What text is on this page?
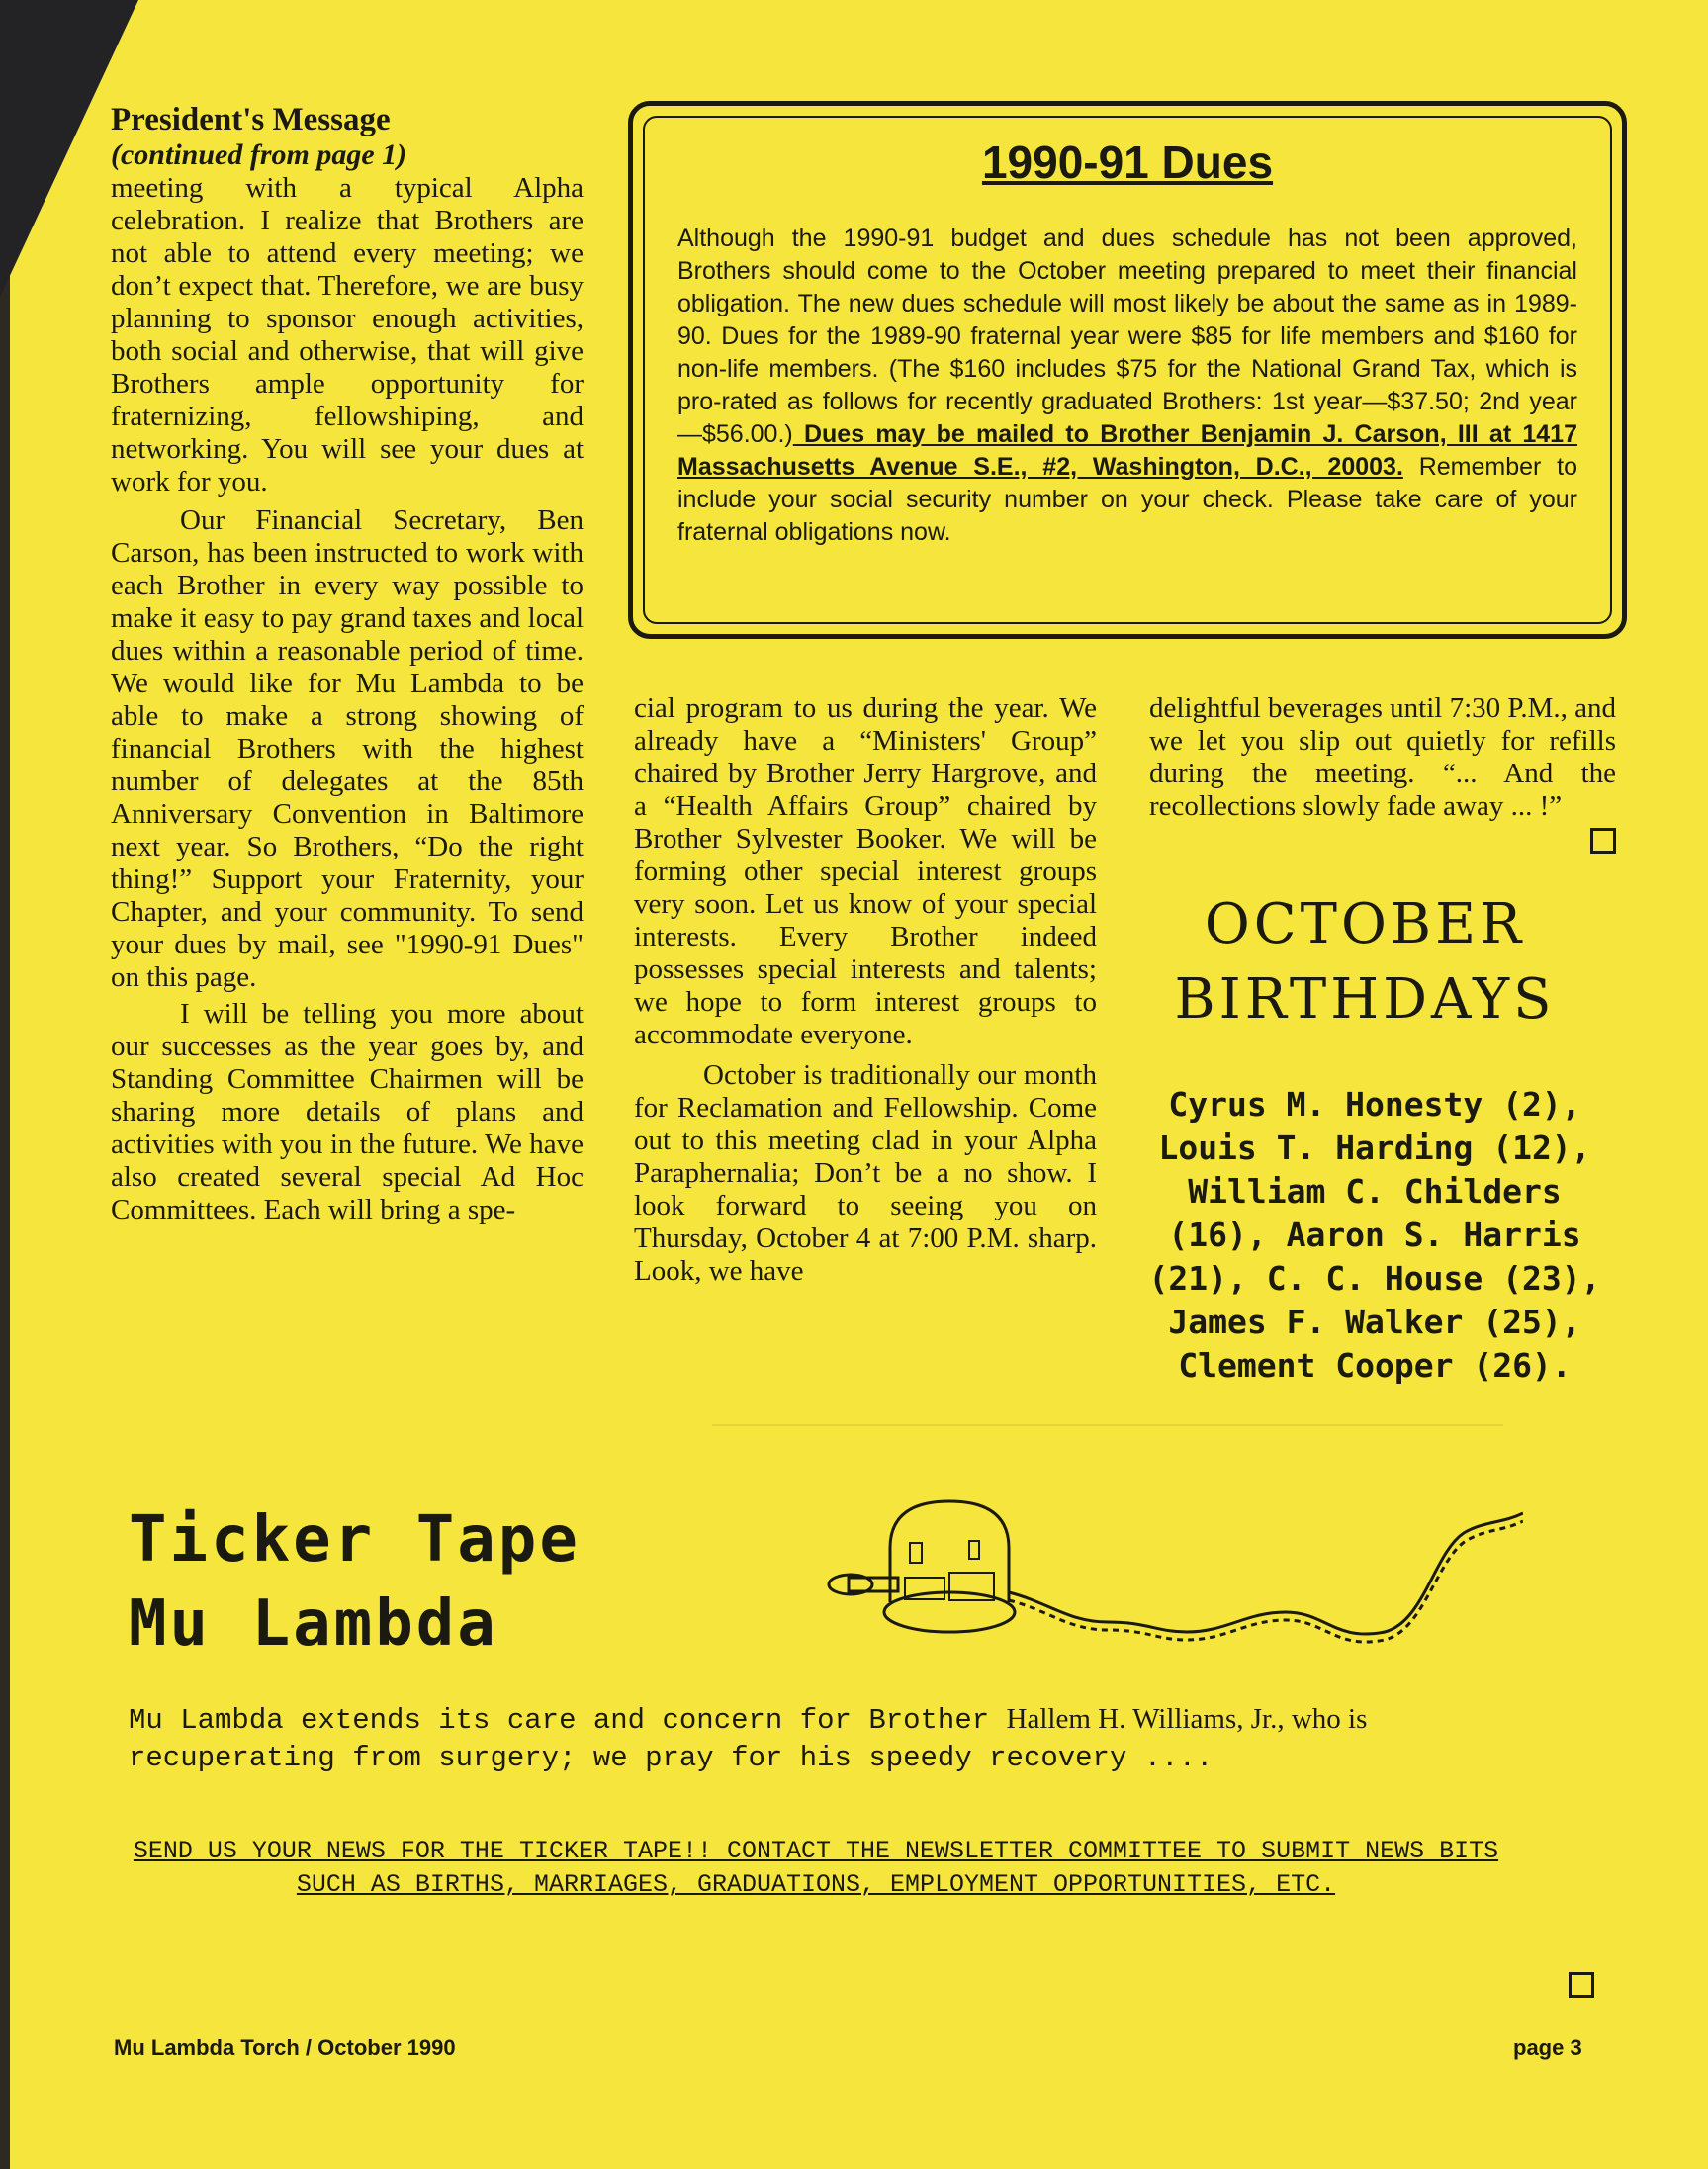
President's Message
(continued from page 1)

meeting with a typical Alpha celebration. I realize that Brothers are not able to attend every meeting; we don’t expect that. Therefore, we are busy planning to sponsor enough activities, both social and otherwise, that will give Brothers ample opportunity for fraternizing, fellowshiping, and networking. You will see your dues at work for you.

Our Financial Secretary, Ben Carson, has been instructed to work with each Brother in every way possible to make it easy to pay grand taxes and local dues within a reasonable period of time. We would like for Mu Lambda to be able to make a strong showing of financial Brothers with the highest number of delegates at the 85th Anniversary Convention in Baltimore next year. So Brothers, “Do the right thing!” Support your Fraternity, your Chapter, and your community. To send your dues by mail, see "1990-91 Dues" on this page.

I will be telling you more about our successes as the year goes by, and Standing Committee Chairmen will be sharing more details of plans and activities with you in the future. We have also created several special Ad Hoc Committees. Each will bring a spe-

1990-91 Dues
Although the 1990-91 budget and dues schedule has not been approved, Brothers should come to the October meeting prepared to meet their financial obligation. The new dues schedule will most likely be about the same as in 1989-90. Dues for the 1989-90 fraternal year were $85 for life members and $160 for non-life members. (The $160 includes $75 for the National Grand Tax, which is pro-rated as follows for recently graduated Brothers: 1st year—$37.50; 2nd year—$56.00.) Dues may be mailed to Brother Benjamin J. Carson, III at 1417 Massachusetts Avenue S.E., #2, Washington, D.C., 20003. Remember to include your social security number on your check. Please take care of your fraternal obligations now.

cial program to us during the year. We already have a “Ministers' Group” chaired by Brother Jerry Hargrove, and a “Health Affairs Group” chaired by Brother Sylvester Booker. We will be forming other special interest groups very soon. Let us know of your special interests. Every Brother indeed possesses special interests and talents; we hope to form interest groups to accommodate everyone.

October is traditionally our month for Reclamation and Fellowship. Come out to this meeting clad in your Alpha Paraphernalia; Don’t be a no show. I look forward to seeing you on Thursday, October 4 at 7:00 P.M. sharp. Look, we have

delightful beverages until 7:30 P.M., and we let you slip out quietly for refills during the meeting. “... And the recollections slowly fade away ... !”

OCTOBER
BIRTHDAYS
Cyrus M. Honesty (2), Louis T. Harding (12), William C. Childers (16), Aaron S. Harris (21), C. C. House (23), James F. Walker (25), Clement Cooper (26).
Ticker Tape
Mu Lambda
Mu Lambda extends its care and concern for Brother Hallem H. Williams, Jr., who is
recuperating from surgery; we pray for his speedy recovery ....
SEND US YOUR NEWS FOR THE TICKER TAPE!! CONTACT THE NEWSLETTER COMMITTEE TO SUBMIT NEWS BITS SUCH AS BIRTHS, MARRIAGES, GRADUATIONS, EMPLOYMENT OPPORTUNITIES, ETC.
Mu Lambda Torch / October 1990	page 3
